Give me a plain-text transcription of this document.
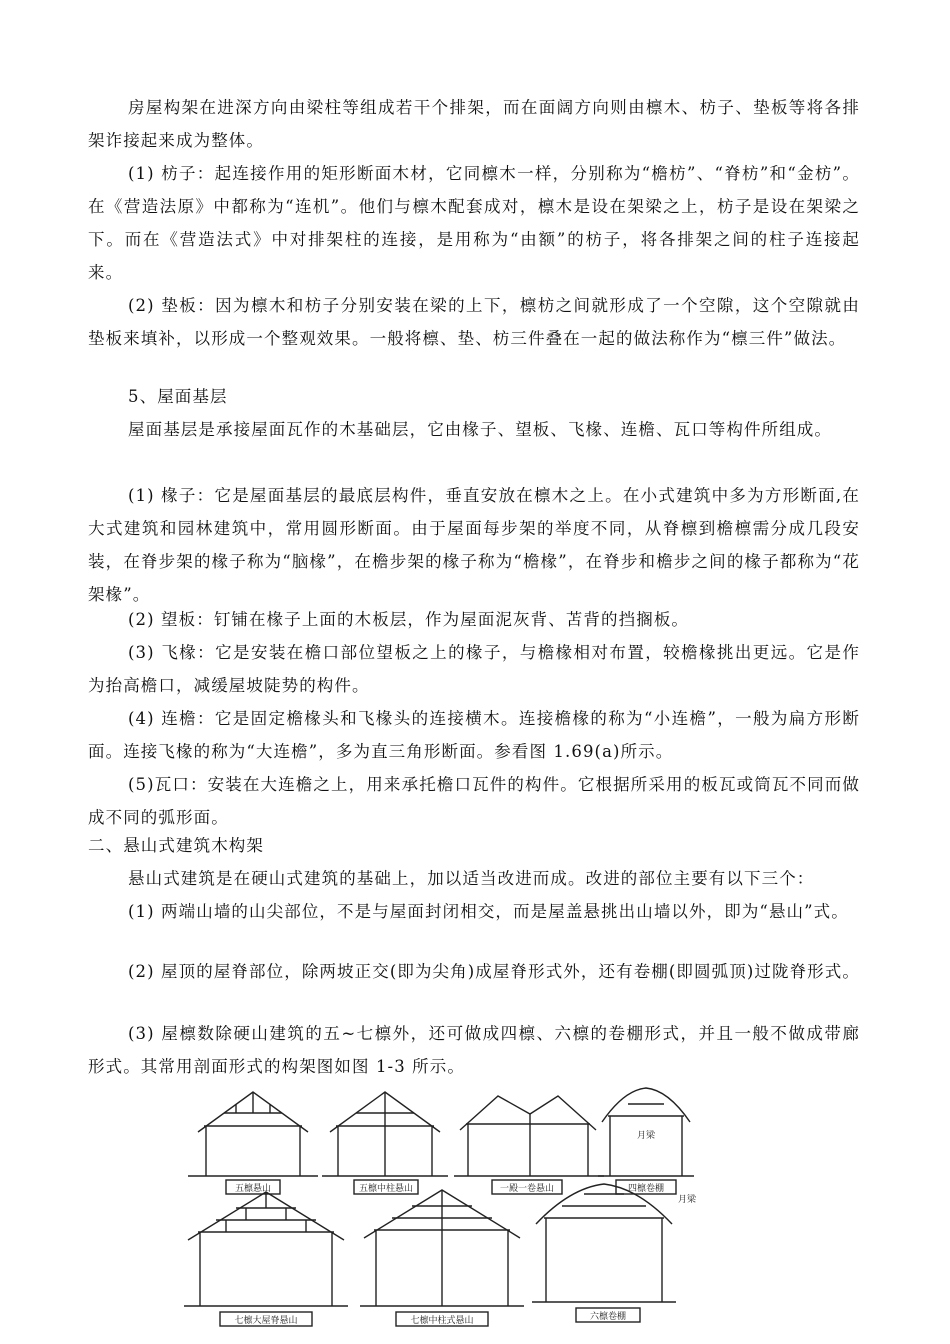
房屋构架在进深方向由梁柱等组成若干个排架，而在面阔方向则由檩木、枋子、垫板等将各排架诈接起来成为整体。

(1) 枋子：起连接作用的矩形断面木材，它同檩木一样，分别称为“檐枋”、“脊枋”和“金枋”。在《营造法原》中都称为“连机”。他们与檩木配套成对，檩木是设在架梁之上，枋子是设在架梁之下。而在《营造法式》中对排架柱的连接，是用称为“由额”的枋子，将各排架之间的柱子连接起来。

(2) 垫板：因为檩木和枋子分别安装在梁的上下，檩枋之间就形成了一个空隙，这个空隙就由垫板来填补，以形成一个整观效果。一般将檩、垫、枋三件叠在一起的做法称作为“檩三件”做法。

5、屋面基层

屋面基层是承接屋面瓦作的木基础层，它由椽子、望板、飞椽、连檐、瓦口等构件所组成。

(1) 椽子：它是屋面基层的最底层构件，垂直安放在檩木之上。在小式建筑中多为方形断面,在大式建筑和园林建筑中，常用圆形断面。由于屋面每步架的举度不同，从脊檩到檐檩需分成几段安装，在脊步架的椽子称为“脑椽”，在檐步架的椽子称为“檐椽”，在脊步和檐步之间的椽子都称为“花架椽”。

(2) 望板：钉铺在椽子上面的木板层，作为屋面泥灰背、苫背的挡搁板。

(3) 飞椽：它是安装在檐口部位望板之上的椽子，与檐椽相对布置，较檐椽挑出更远。它是作为抬高檐口，减缓屋坡陡势的构件。

(4) 连檐：它是固定檐椽头和飞椽头的连接横木。连接檐椽的称为“小连檐”，一般为扁方形断面。连接飞椽的称为“大连檐”，多为直三角形断面。参看图 1.69(a)所示。

(5)瓦口：安装在大连檐之上，用来承托檐口瓦件的构件。它根据所采用的板瓦或筒瓦不同而做成不同的弧形面。

二、悬山式建筑木构架

悬山式建筑是在硬山式建筑的基础上，加以适当改进而成。改进的部位主要有以下三个：

(1) 两端山墙的山尖部位，不是与屋面封闭相交，而是屋盖悬挑出山墙以外，即为“悬山”式。

(2) 屋顶的屋脊部位，除两坡正交(即为尖角)成屋脊形式外，还有卷棚(即圆弧顶)过陇脊形式。

(3) 屋檩数除硬山建筑的五~七檩外，还可做成四檩、六檩的卷棚形式，并且一般不做成带廊形式。其常用剖面形式的构架图如图 1-3 所示。

五檩悬山	五檩中柱悬山	一殿一卷悬山	四檩卷棚
七檩大屋脊悬山	七檩中柱式悬山	六檩卷棚
月梁
月梁
